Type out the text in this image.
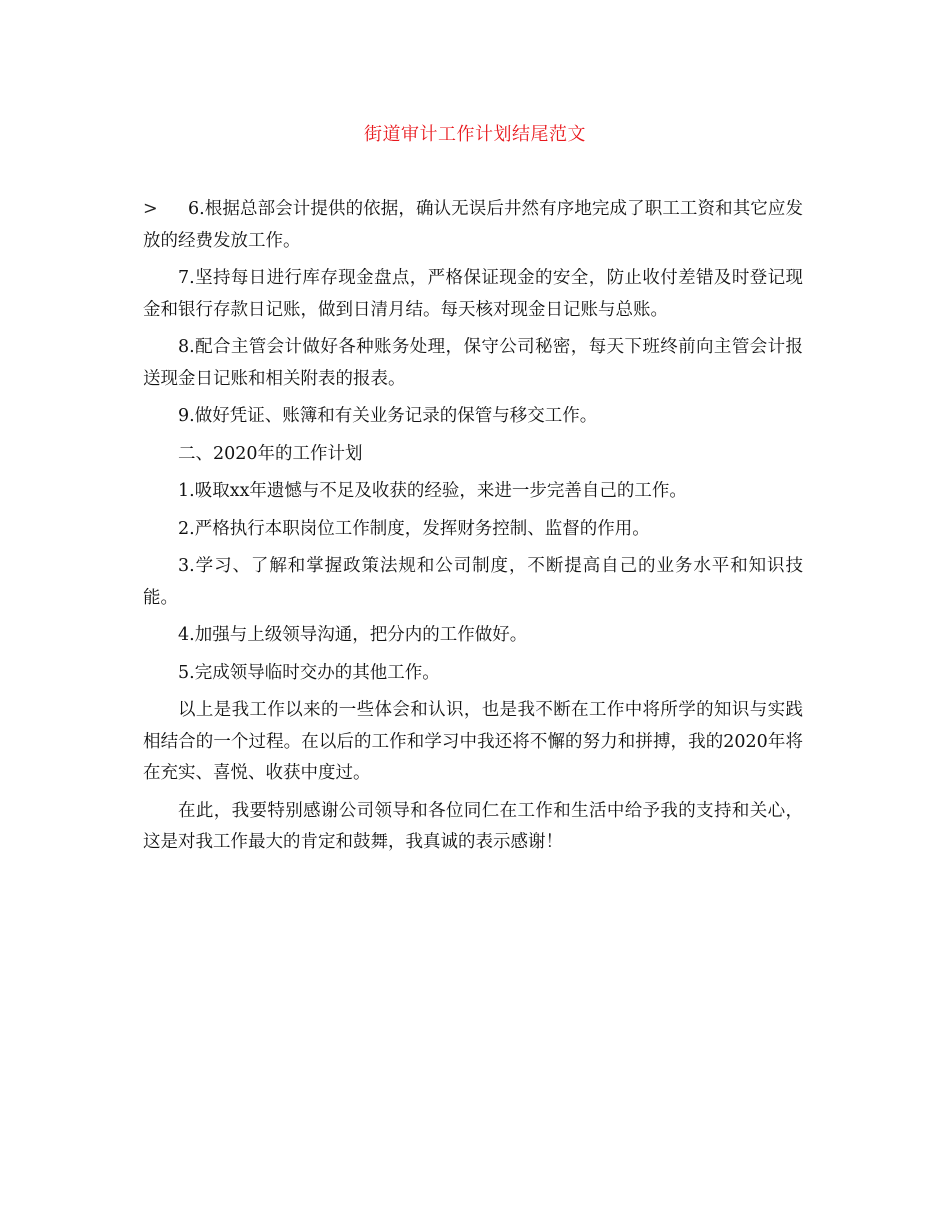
街道审计工作计划结尾范文

> 6.根据总部会计提供的依据，确认无误后井然有序地完成了职工工资和其它应发放的经费发放工作。

7.坚持每日进行库存现金盘点，严格保证现金的安全，防止收付差错及时登记现金和银行存款日记账，做到日清月结。每天核对现金日记账与总账。

8.配合主管会计做好各种账务处理，保守公司秘密，每天下班终前向主管会计报送现金日记账和相关附表的报表。

9.做好凭证、账簿和有关业务记录的保管与移交工作。

二、2020年的工作计划

1.吸取xx年遗憾与不足及收获的经验，来进一步完善自己的工作。

2.严格执行本职岗位工作制度，发挥财务控制、监督的作用。

3.学习、了解和掌握政策法规和公司制度，不断提高自己的业务水平和知识技能。

4.加强与上级领导沟通，把分内的工作做好。

5.完成领导临时交办的其他工作。

以上是我工作以来的一些体会和认识，也是我不断在工作中将所学的知识与实践相结合的一个过程。在以后的工作和学习中我还将不懈的努力和拼搏，我的2020年将在充实、喜悦、收获中度过。

在此，我要特别感谢公司领导和各位同仁在工作和生活中给予我的支持和关心，这是对我工作最大的肯定和鼓舞，我真诚的表示感谢！
